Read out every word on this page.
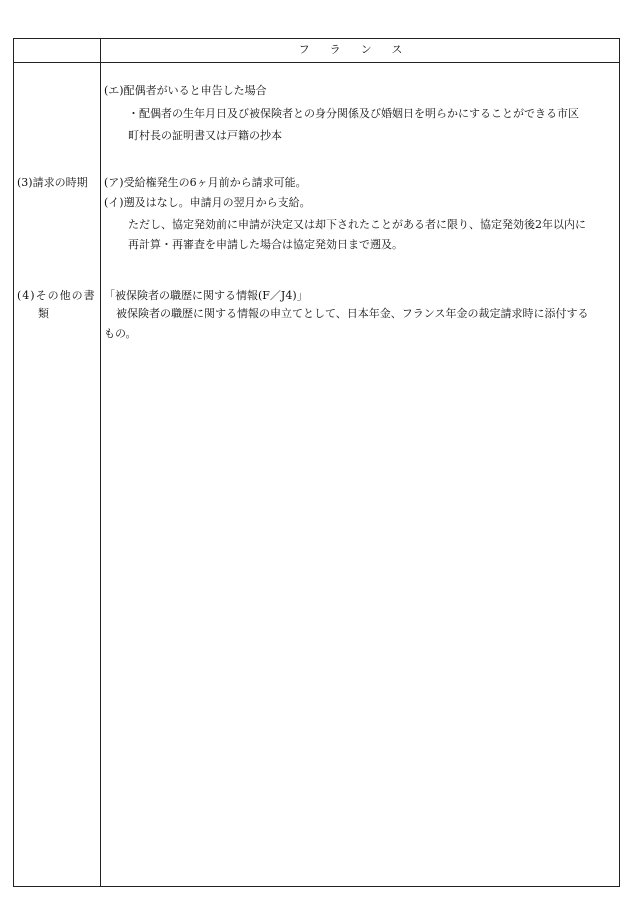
フランス
(エ)配偶者がいると申告した場合
・配偶者の生年月日及び被保険者との身分関係及び婚姻日を明らかにすることができる市区
町村長の証明書又は戸籍の抄本
(3)請求の時期 (ア)受給権発生の6ヶ月前から請求可能。
(イ)遡及はなし。申請月の翌月から支給。
ただし、協定発効前に申請が決定又は却下されたことがある者に限り、協定発効後2年以内に
再計算・再審査を申請した場合は協定発効日まで遡及。
(4)その他の書
類
「被保険者の職歴に関する情報(F／J4)」
被保険者の職歴に関する情報の申立てとして、日本年金、フランス年金の裁定請求時に添付する
もの。
